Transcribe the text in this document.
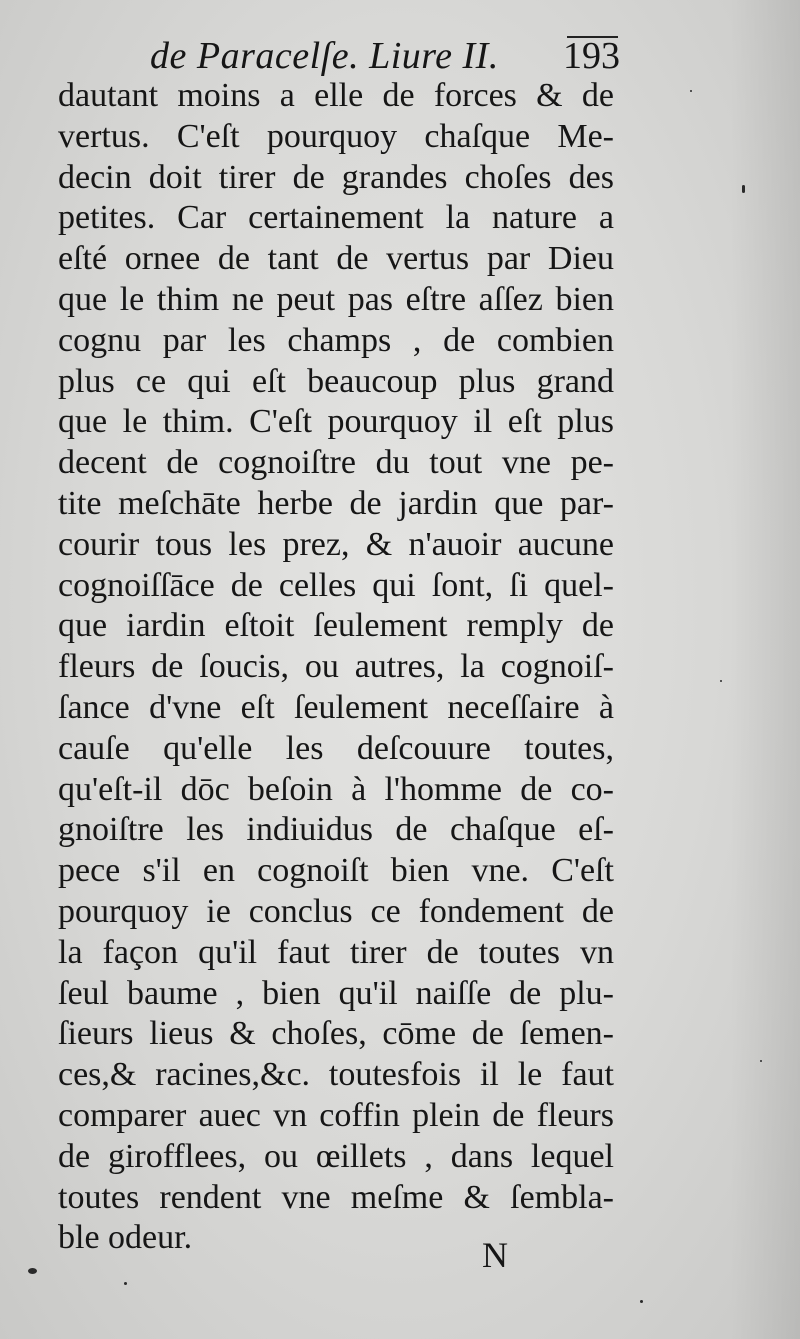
de Paracelſe. Liure II. 193
dautant moins a elle de forces & de
vertus. C'eſt pourquoy chaſque Me-
decin doit tirer de grandes choſes des
petites. Car certainement la nature a
eſté ornee de tant de vertus par Dieu
que le thim ne peut pas eſtre aſſez bien
cognu par les champs , de combien
plus ce qui eſt beaucoup plus grand
que le thim. C'eſt pourquoy il eſt plus
decent de cognoiſtre du tout vne pe-
tite meſchāte herbe de jardin que par-
courir tous les prez, & n'auoir aucune
cognoiſſāce de celles qui ſont, ſi quel-
que iardin eſtoit ſeulement remply de
fleurs de ſoucis, ou autres, la cognoiſ-
ſance d'vne eſt ſeulement neceſſaire à
cauſe qu'elle les deſcouure toutes,
qu'eſt-il dōc beſoin à l'homme de co-
gnoiſtre les indiuidus de chaſque eſ-
pece s'il en cognoiſt bien vne. C'eſt
pourquoy ie conclus ce fondement de
la façon qu'il faut tirer de toutes vn
ſeul baume , bien qu'il naiſſe de plu-
ſieurs lieus & choſes, cōme de ſemen-
ces,& racines,&c. toutesfois il le faut
comparer auec vn coffin plein de fleurs
de girofflees, ou œillets , dans lequel
toutes rendent vne meſme & ſembla-
ble odeur.	N
